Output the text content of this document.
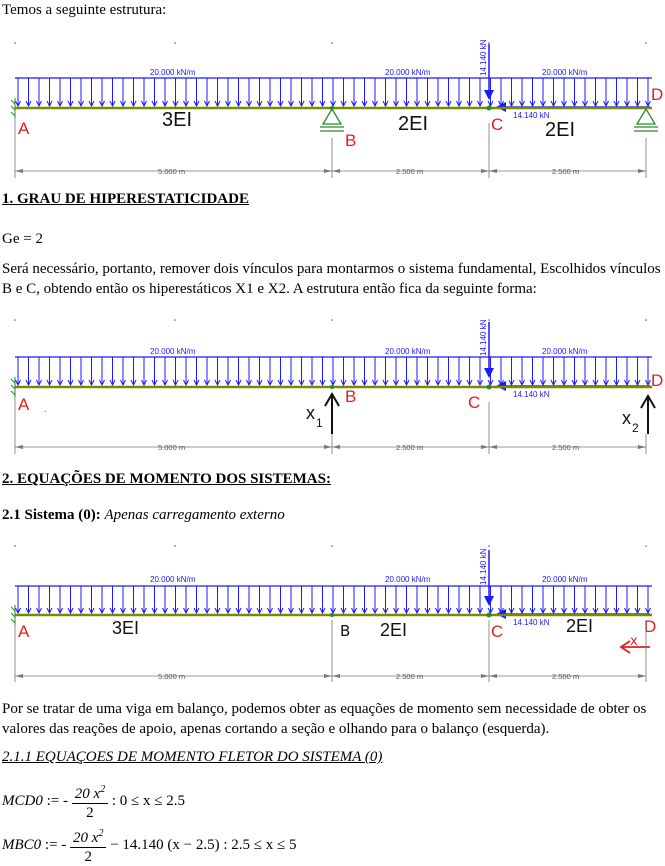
Temos a seguinte estrutura:
20.000 kN/m	20.000 kN/m	20.000 kN/m
14.140 kN
14.140 kN
A
B
C
D
3EI	2EI	2EI
5.000 m	2.500 m	2.500 m
1. GRAU DE HIPERESTATICIDADE
Ge = 2
Será necessário, portanto, remover dois vínculos para montarmos o sistema fundamental, Escolhidos vínculos B e C, obtendo então os hiperestáticos X1 e X2. A estrutura então fica da seguinte forma:
20.000 kN/m	20.000 kN/m	20.000 kN/m
14.140 kN
14.140 kN
A	B	C
D
.	x 1	x 2
5.000 m	2.500 m	2.500 m
2. EQUAÇÕES DE MOMENTO DOS SISTEMAS:
2.1 Sistema (0): Apenas carregamento externo
20.000 kN/m	20.000 kN/m	20.000 kN/m
14.140 kN
14.140 kN
A	C	D
B
3EI	2EI	2EI
x
5.000 m	2.500 m	2.500 m
Por se tratar de uma viga em balanço, podemos obter as equações de momento sem necessidade de obter os valores das reações de apoio, apenas cortando a seção e olhando para o balanço (esquerda).
2.1.1 EQUAÇOES DE MOMENTO FLETOR DO SISTEMA (0)
MCD0 := - $\frac{20 x^2}{2}$ : 0 ≤ x ≤ 2.5
MBC0 := - $\frac{20 x^2}{2} - 14.140$ (x − 2.5) : 2.5 ≤ x ≤ 5
